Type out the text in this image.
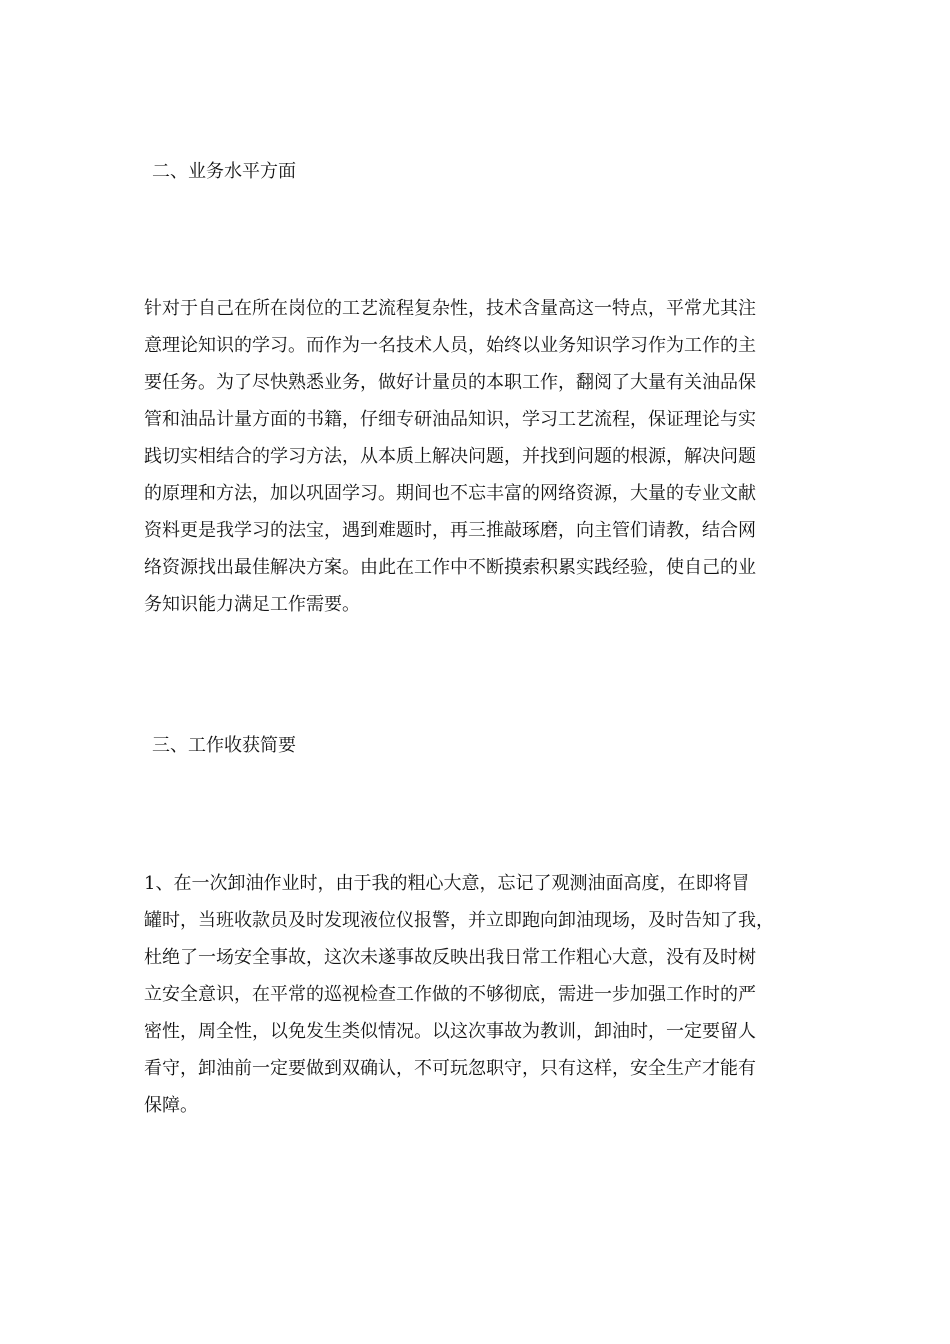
二、业务水平方面
针对于自己在所在岗位的工艺流程复杂性，技术含量高这一特点，平常尤其注
意理论知识的学习。而作为一名技术人员，始终以业务知识学习作为工作的主
要任务。为了尽快熟悉业务，做好计量员的本职工作，翻阅了大量有关油品保
管和油品计量方面的书籍，仔细专研油品知识，学习工艺流程，保证理论与实
践切实相结合的学习方法，从本质上解决问题，并找到问题的根源，解决问题
的原理和方法，加以巩固学习。期间也不忘丰富的网络资源，大量的专业文献
资料更是我学习的法宝，遇到难题时，再三推敲琢磨，向主管们请教，结合网
络资源找出最佳解决方案。由此在工作中不断摸索积累实践经验，使自己的业
务知识能力满足工作需要。
三、工作收获简要
1、在一次卸油作业时，由于我的粗心大意，忘记了观测油面高度，在即将冒
罐时，当班收款员及时发现液位仪报警，并立即跑向卸油现场，及时告知了我，
杜绝了一场安全事故，这次未遂事故反映出我日常工作粗心大意，没有及时树
立安全意识，在平常的巡视检查工作做的不够彻底，需进一步加强工作时的严
密性，周全性，以免发生类似情况。以这次事故为教训，卸油时，一定要留人
看守，卸油前一定要做到双确认，不可玩忽职守，只有这样，安全生产才能有
保障。
